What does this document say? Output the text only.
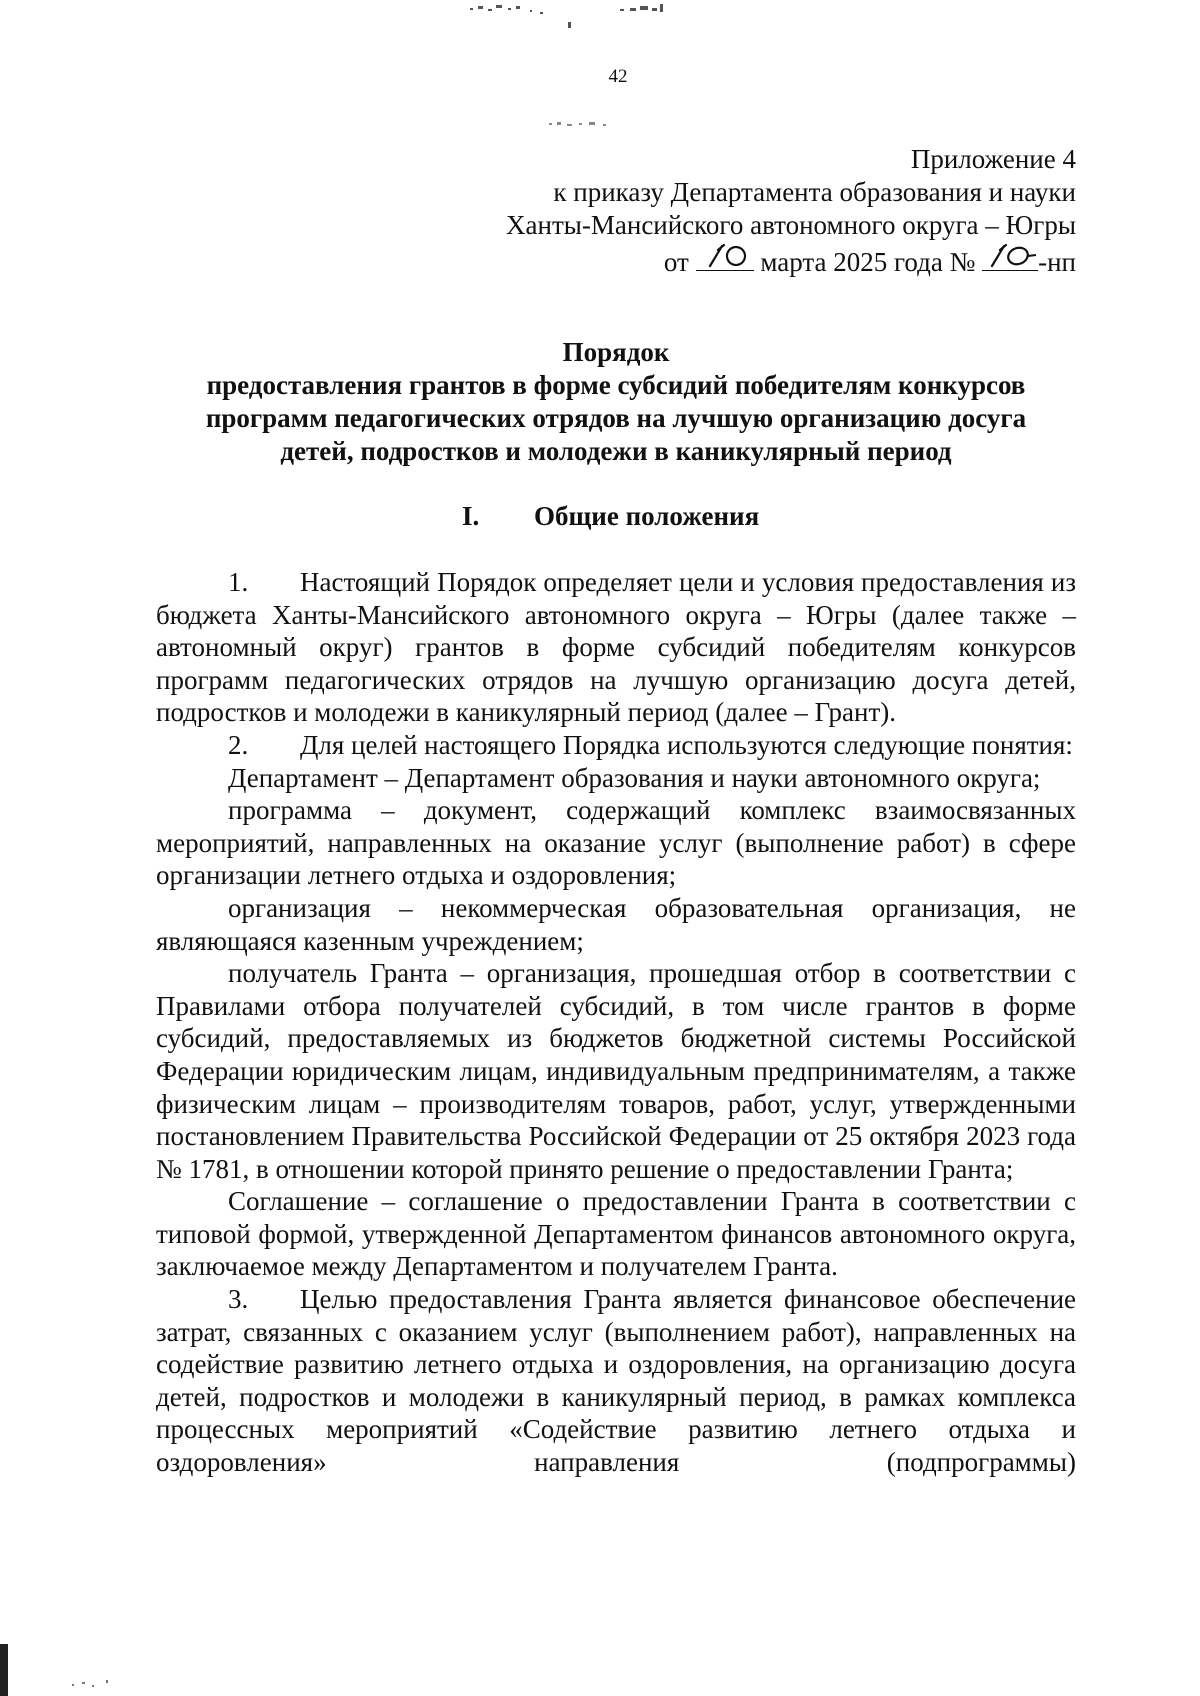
42
Приложение 4
к приказу Департамента образования и науки
Ханты-Мансийского автономного округа – Югры
от	марта 2025 года № -нп
Порядок
предоставления грантов в форме субсидий победителям конкурсов
программ педагогических отрядов на лучшую организацию досуга
детей, подростков и молодежи в каникулярный период
I. Общие положения

1. Настоящий Порядок определяет цели и условия предоставления из бюджета Ханты-Мансийского автономного округа – Югры (далее также – автономный округ) грантов в форме субсидий победителям конкурсов программ педагогических отрядов на лучшую организацию досуга детей, подростков и молодежи в каникулярный период (далее – Грант).

2. Для целей настоящего Порядка используются следующие понятия:

Департамент – Департамент образования и науки автономного округа;

программа – документ, содержащий комплекс взаимосвязанных мероприятий, направленных на оказание услуг (выполнение работ) в сфере организации летнего отдыха и оздоровления;

организация – некоммерческая образовательная организация, не являющаяся казенным учреждением;

получатель Гранта – организация, прошедшая отбор в соответствии с Правилами отбора получателей субсидий, в том числе грантов в форме субсидий, предоставляемых из бюджетов бюджетной системы Российской Федерации юридическим лицам, индивидуальным предпринимателям, а также физическим лицам – производителям товаров, работ, услуг, утвержденными постановлением Правительства Российской Федерации от 25 октября 2023 года № 1781, в отношении которой принято решение о предоставлении Гранта;

Соглашение – соглашение о предоставлении Гранта в соответствии с типовой формой, утвержденной Департаментом финансов автономного округа, заключаемое между Департаментом и получателем Гранта.

3. Целью предоставления Гранта является финансовое обеспечение затрат, связанных с оказанием услуг (выполнением работ), направленных на содействие развитию летнего отдыха и оздоровления, на организацию досуга детей, подростков и молодежи в каникулярный период, в рамках комплекса процессных мероприятий «Содействие развитию летнего отдыха и оздоровления» направления (подпрограммы)
